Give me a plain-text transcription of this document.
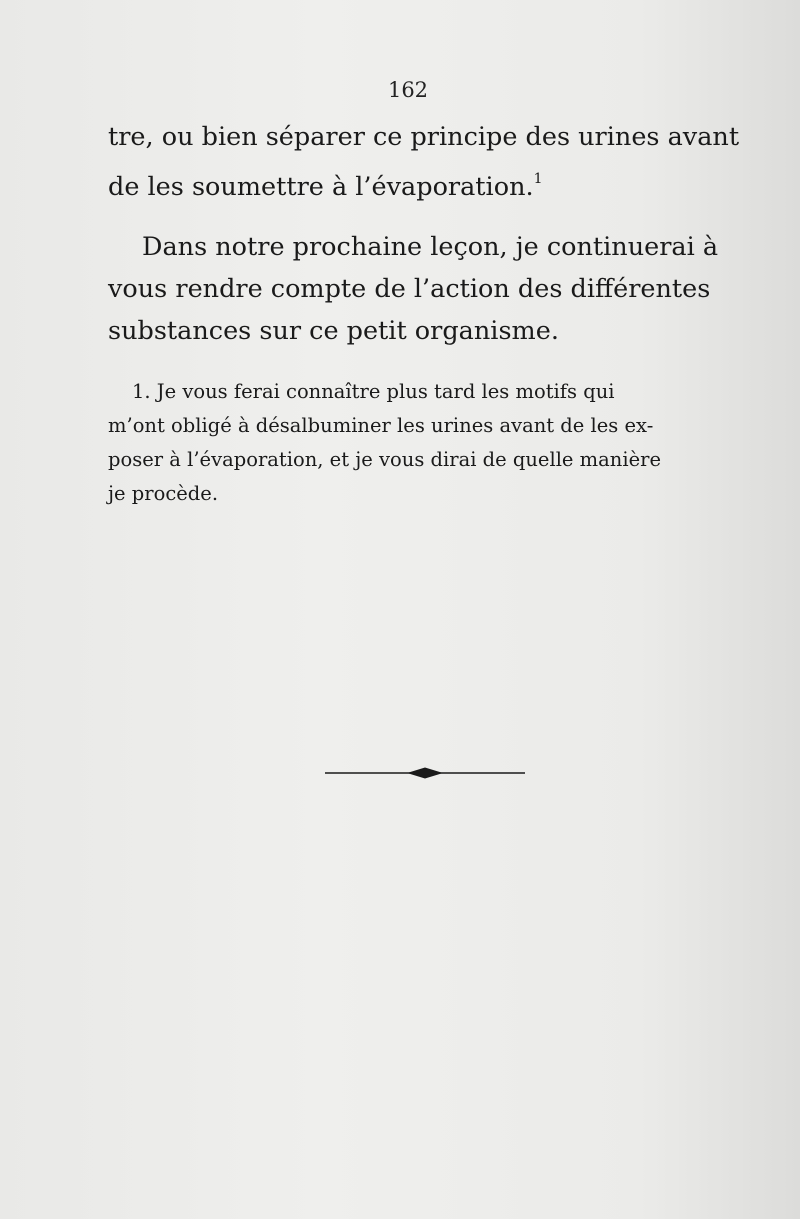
162
tre, ou bien séparer ce principe des urines avant
de les soumettre à l’évaporation.$^1$
Dans notre prochaine leçon, je continuerai à
vous rendre compte de l’action des différentes
substances sur ce petit organisme.
1. Je vous ferai connaître plus tard les motifs qui
m’ont obligé à désalbuminer les urines avant de les ex-
poser à l’évaporation, et je vous dirai de quelle manière
je procède.
